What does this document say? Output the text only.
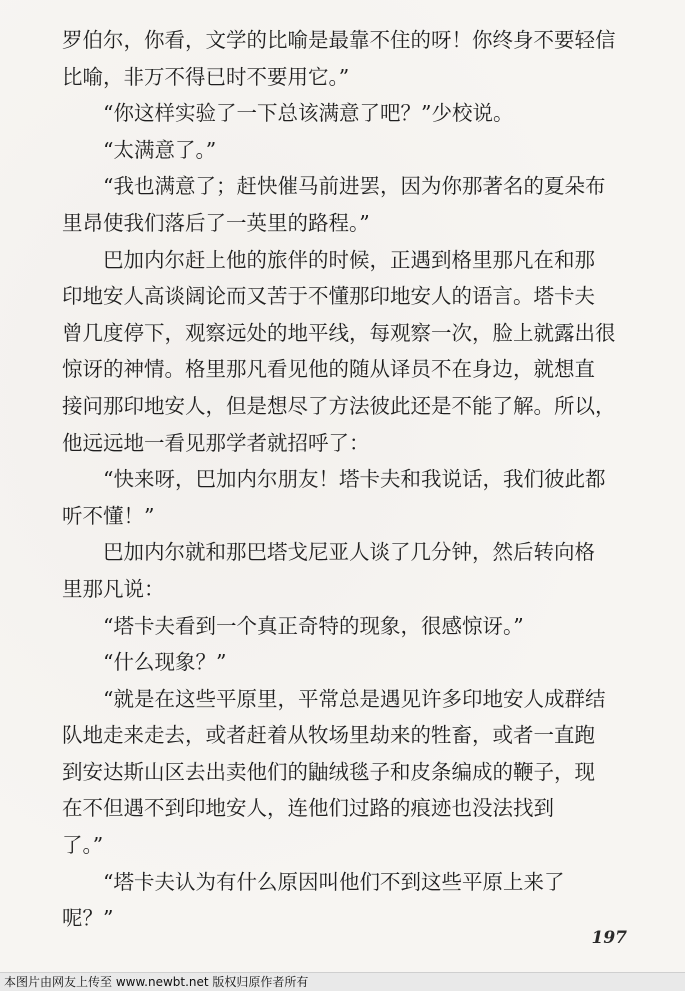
罗伯尔，你看，文学的比喻是最靠不住的呀！你终身不要轻信
比喻，非万不得已时不要用它。”
“你这样实验了一下总该满意了吧？”少校说。
“太满意了。”
“我也满意了；赶快催马前进罢，因为你那著名的夏朵布
里昂使我们落后了一英里的路程。”
巴加内尔赶上他的旅伴的时候，正遇到格里那凡在和那
印地安人高谈阔论而又苦于不懂那印地安人的语言。塔卡夫
曾几度停下，观察远处的地平线，每观察一次，脸上就露出很
惊讶的神情。格里那凡看见他的随从译员不在身边，就想直
接问那印地安人，但是想尽了方法彼此还是不能了解。所以，
他远远地一看见那学者就招呼了：
“快来呀，巴加内尔朋友！塔卡夫和我说话，我们彼此都
听不懂！”
巴加内尔就和那巴塔戈尼亚人谈了几分钟，然后转向格
里那凡说：
“塔卡夫看到一个真正奇特的现象，很感惊讶。”
“什么现象？”
“就是在这些平原里，平常总是遇见许多印地安人成群结
队地走来走去，或者赶着从牧场里劫来的牲畜，或者一直跑
到安达斯山区去出卖他们的鼬绒毯子和皮条编成的鞭子，现
在不但遇不到印地安人，连他们过路的痕迹也没法找到
了。”
“塔卡夫认为有什么原因叫他们不到这些平原上来了
呢？”
197
本图片由网友上传至 www.newbt.net 版权归原作者所有
